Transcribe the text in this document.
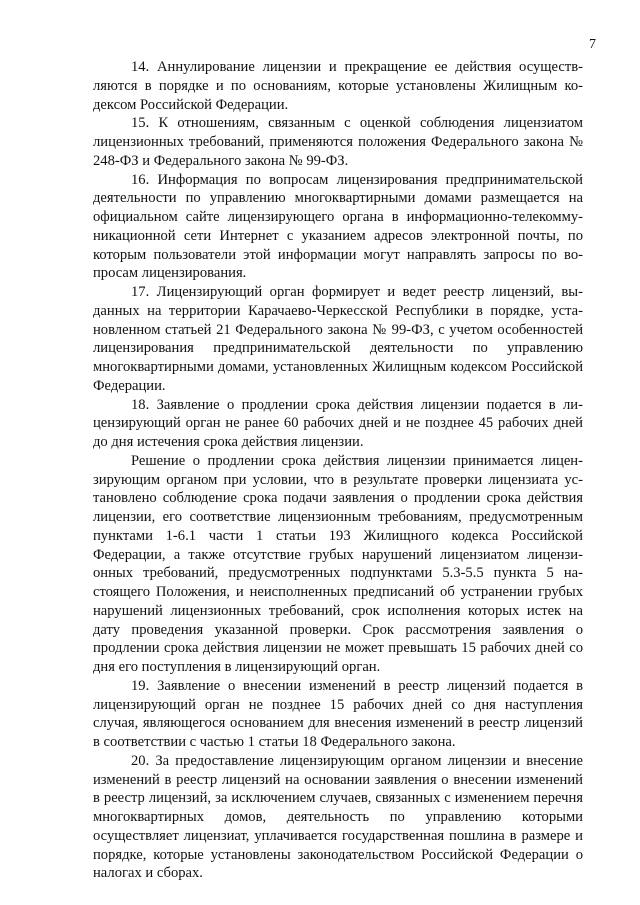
7

14. Аннулирование лицензии и прекращение ее действия осуществляются в порядке и по основаниям, которые установлены Жилищным кодексом Российской Федерации.

15. К отношениям, связанным с оценкой соблюдения лицензиатом лицензионных требований, применяются положения Федерального закона № 248-ФЗ и Федерального закона № 99-ФЗ.

16. Информация по вопросам лицензирования предпринимательской деятельности по управлению многоквартирными домами размещается на официальном сайте лицензирующего органа в информационно-телекоммуникационной сети Интернет с указанием адресов электронной почты, по которым пользователи этой информации могут направлять запросы по вопросам лицензирования.

17. Лицензирующий орган формирует и ведет реестр лицензий, выданных на территории Карачаево-Черкесской Республики в порядке, установленном статьей 21 Федерального закона № 99-ФЗ, с учетом особенностей лицензирования предпринимательской деятельности по управлению многоквартирными домами, установленных Жилищным кодексом Российской Федерации.

18. Заявление о продлении срока действия лицензии подается в лицензирующий орган не ранее 60 рабочих дней и не позднее 45 рабочих дней до дня истечения срока действия лицензии.

Решение о продлении срока действия лицензии принимается лицензирующим органом при условии, что в результате проверки лицензиата установлено соблюдение срока подачи заявления о продлении срока действия лицензии, его соответствие лицензионным требованиям, предусмотренным пунктами 1-6.1 части 1 статьи 193 Жилищного кодекса Российской Федерации, а также отсутствие грубых нарушений лицензиатом лицензионных требований, предусмотренных подпунктами 5.3-5.5 пункта 5 настоящего Положения, и неисполненных предписаний об устранении грубых нарушений лицензионных требований, срок исполнения которых истек на дату проведения указанной проверки. Срок рассмотрения заявления о продлении срока действия лицензии не может превышать 15 рабочих дней со дня его поступления в лицензирующий орган.

19. Заявление о внесении изменений в реестр лицензий подается в лицензирующий орган не позднее 15 рабочих дней со дня наступления случая, являющегося основанием для внесения изменений в реестр лицензий в соответствии с частью 1 статьи 18 Федерального закона.

20. За предоставление лицензирующим органом лицензии и внесение изменений в реестр лицензий на основании заявления о внесении изменений в реестр лицензий, за исключением случаев, связанных с изменением перечня многоквартирных домов, деятельность по управлению которыми осуществляет лицензиат, уплачивается государственная пошлина в размере и порядке, которые установлены законодательством Российской Федерации о налогах и сборах.
